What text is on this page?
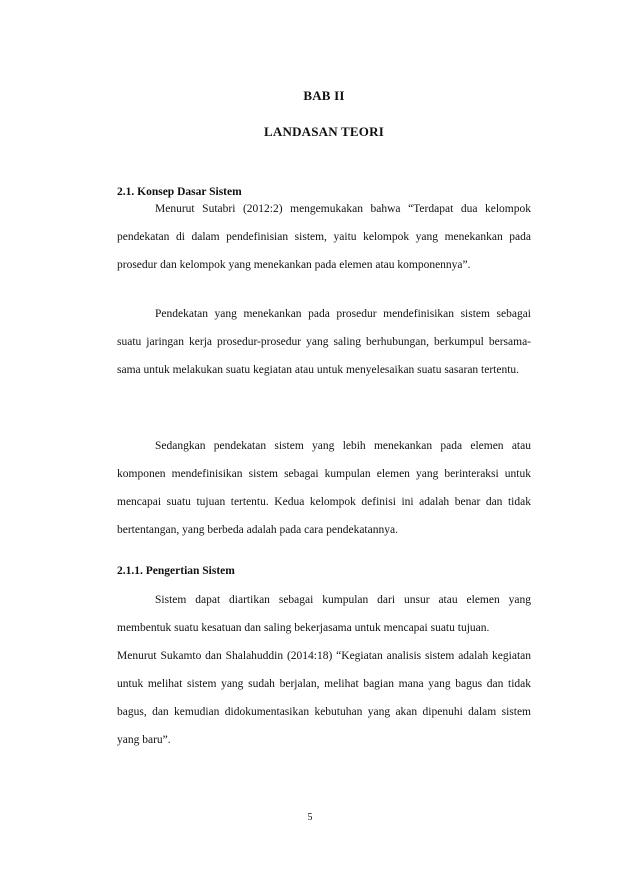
BAB II
LANDASAN TEORI
2.1. Konsep Dasar Sistem

Menurut Sutabri (2012:2) mengemukakan bahwa “Terdapat dua kelompok pendekatan di dalam pendefinisian sistem, yaitu kelompok yang menekankan pada prosedur dan kelompok yang menekankan pada elemen atau komponennya”.

Pendekatan yang menekankan pada prosedur mendefinisikan sistem sebagai suatu jaringan kerja prosedur-prosedur yang saling berhubungan, berkumpul bersama-sama untuk melakukan suatu kegiatan atau untuk menyelesaikan suatu sasaran tertentu.

Sedangkan pendekatan sistem yang lebih menekankan pada elemen atau komponen mendefinisikan sistem sebagai kumpulan elemen yang berinteraksi untuk mencapai suatu tujuan tertentu. Kedua kelompok definisi ini adalah benar dan tidak bertentangan, yang berbeda adalah pada cara pendekatannya.

2.1.1. Pengertian Sistem

Sistem dapat diartikan sebagai kumpulan dari unsur atau elemen yang membentuk suatu kesatuan dan saling bekerjasama untuk mencapai suatu tujuan.

Menurut Sukamto dan Shalahuddin (2014:18) “Kegiatan analisis sistem adalah kegiatan untuk melihat sistem yang sudah berjalan, melihat bagian mana yang bagus dan tidak bagus, dan kemudian didokumentasikan kebutuhan yang akan dipenuhi dalam sistem yang baru”.

5
